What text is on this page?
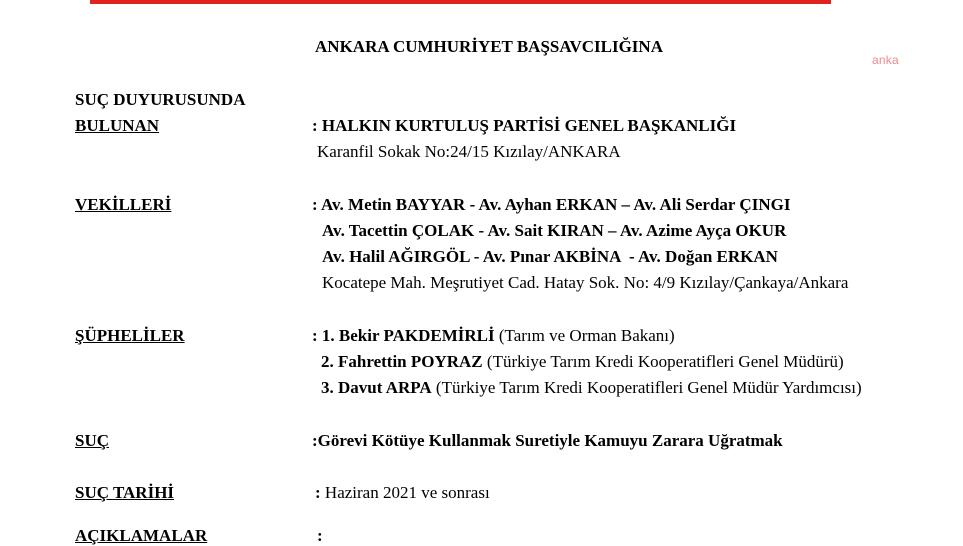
anka
ANKARA CUMHURİYET BAŞSAVCILIĞINA
SUÇ DUYURUSUNDA
BULUNAN	: HALKIN KURTULUŞ PARTİSİ GENEL BAŞKANLIĞI
Karanfil Sokak No:24/15 Kızılay/ANKARA
VEKİLLERİ	: Av. Metin BAYYAR - Av. Ayhan ERKAN – Av. Ali Serdar ÇINGI
Av. Tacettin ÇOLAK - Av. Sait KIRAN – Av. Azime Ayça OKUR
Av. Halil AĞIRGÖL - Av. Pınar AKBİNA  - Av. Doğan ERKAN
Kocatepe Mah. Meşrutiyet Cad. Hatay Sok. No: 4/9 Kızılay/Çankaya/Ankara
ŞÜPHELİLER	: 1. Bekir PAKDEMİRLİ (Tarım ve Orman Bakanı)
2. Fahrettin POYRAZ (Türkiye Tarım Kredi Kooperatifleri Genel Müdürü)
3. Davut ARPA (Türkiye Tarım Kredi Kooperatifleri Genel Müdür Yardımcısı)
SUÇ	:Görevi Kötüye Kullanmak Suretiyle Kamuyu Zarara Uğratmak
SUÇ TARİHİ	: Haziran 2021 ve sonrası
AÇIKLAMALAR	:
